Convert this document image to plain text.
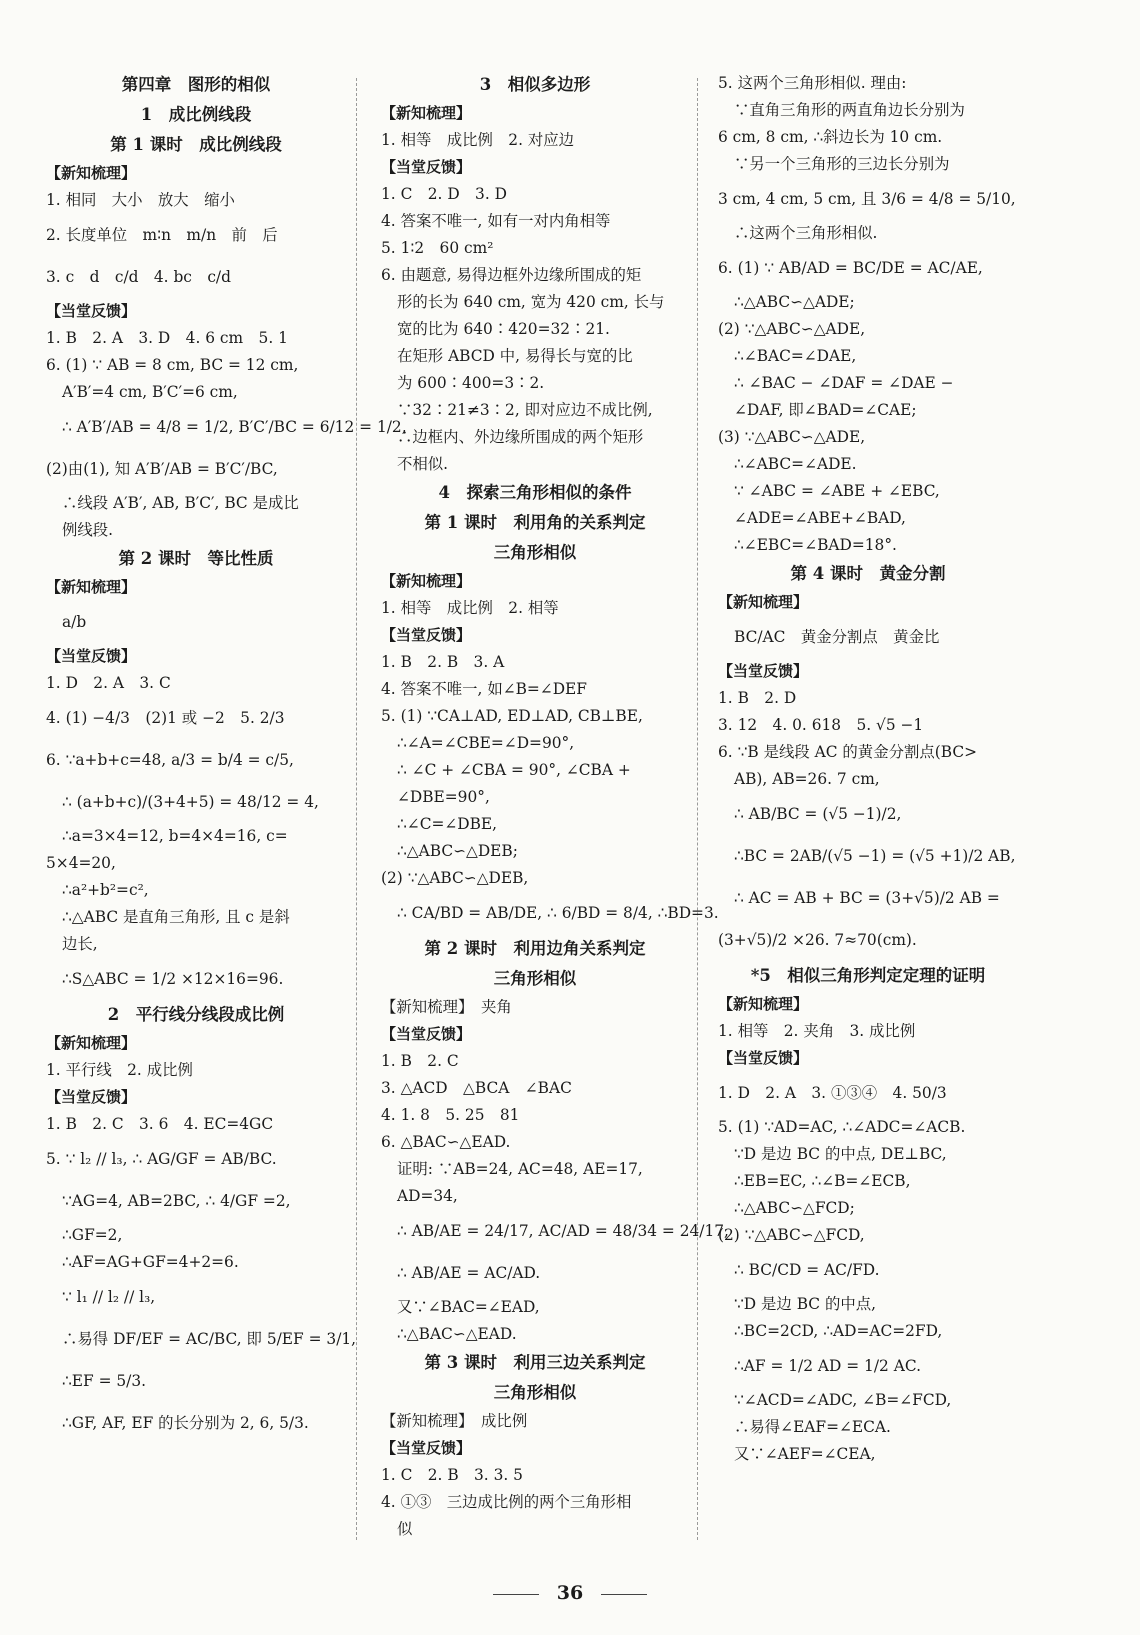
第四章　图形的相似
1　成比例线段
第 1 课时　成比例线段
【新知梳理】
1. 相同　大小　放大　缩小
2. 长度单位　m∶n　m/n　前　后
3. c　d　c/d　4. bc　c/d
【当堂反馈】
1. B　2. A　3. D　4. 6 cm　5. 1
6. (1) ∵ AB = 8 cm, BC = 12 cm,
A′B′=4 cm, B′C′=6 cm,
∴ A′B′/AB = 4/8 = 1/2, B′C′/BC = 6/12 = 1/2,
(2)由(1), 知 A′B′/AB = B′C′/BC,
∴线段 A′B′, AB, B′C′, BC 是成比
例线段.
第 2 课时　等比性质
【新知梳理】
a/b
【当堂反馈】
1. D　2. A　3. C
4. (1) −4/3　(2)1 或 −2　5. 2/3
6. ∵a+b+c=48, a/3 = b/4 = c/5,
∴ (a+b+c)/(3+4+5) = 48/12 = 4,
∴a=3×4=12, b=4×4=16, c=
5×4=20,
∴a²+b²=c²,
∴△ABC 是直角三角形, 且 c 是斜
边长,
∴S△ABC = 1/2 ×12×16=96.
2　平行线分线段成比例
【新知梳理】
1. 平行线　2. 成比例
【当堂反馈】
1. B　2. C　3. 6　4. EC=4GC
5. ∵ l₂ // l₃, ∴ AG/GF = AB/BC.
∵AG=4, AB=2BC, ∴ 4/GF =2,
∴GF=2,
∴AF=AG+GF=4+2=6.
∵ l₁ // l₂ // l₃,
∴易得 DF/EF = AC/BC, 即 5/EF = 3/1,
∴EF = 5/3.
∴GF, AF, EF 的长分别为 2, 6, 5/3.
3　相似多边形
【新知梳理】
1. 相等　成比例　2. 对应边
【当堂反馈】
1. C　2. D　3. D
4. 答案不唯一, 如有一对内角相等
5. 1∶2　60 cm²
6. 由题意, 易得边框外边缘所围成的矩
形的长为 640 cm, 宽为 420 cm, 长与
宽的比为 640∶420=32∶21.
在矩形 ABCD 中, 易得长与宽的比
为 600∶400=3∶2.
∵32∶21≠3∶2, 即对应边不成比例,
∴边框内、外边缘所围成的两个矩形
不相似.
4　探索三角形相似的条件
第 1 课时　利用角的关系判定
三角形相似
【新知梳理】
1. 相等　成比例　2. 相等
【当堂反馈】
1. B　2. B　3. A
4. 答案不唯一, 如∠B=∠DEF
5. (1) ∵CA⊥AD, ED⊥AD, CB⊥BE,
∴∠A=∠CBE=∠D=90°,
∴ ∠C + ∠CBA = 90°, ∠CBA +
∠DBE=90°,
∴∠C=∠DBE,
∴△ABC∽△DEB;
(2) ∵△ABC∽△DEB,
∴ CA/BD = AB/DE, ∴ 6/BD = 8/4, ∴BD=3.
第 2 课时　利用边角关系判定
三角形相似
【新知梳理】　夹角
【当堂反馈】
1. B　2. C
3. △ACD　△BCA　∠BAC
4. 1. 8　5. 25　81
6. △BAC∽△EAD.
证明: ∵AB=24, AC=48, AE=17,
AD=34,
∴ AB/AE = 24/17, AC/AD = 48/34 = 24/17,
∴ AB/AE = AC/AD.
又∵∠BAC=∠EAD,
∴△BAC∽△EAD.
第 3 课时　利用三边关系判定
三角形相似
【新知梳理】　成比例
【当堂反馈】
1. C　2. B　3. 3. 5
4. ①③　三边成比例的两个三角形相
似
5. 这两个三角形相似. 理由:
∵直角三角形的两直角边长分别为
6 cm, 8 cm, ∴斜边长为 10 cm.
∵另一个三角形的三边长分别为
3 cm, 4 cm, 5 cm, 且 3/6 = 4/8 = 5/10,
∴这两个三角形相似.
6. (1) ∵ AB/AD = BC/DE = AC/AE,
∴△ABC∽△ADE;
(2) ∵△ABC∽△ADE,
∴∠BAC=∠DAE,
∴ ∠BAC − ∠DAF = ∠DAE −
∠DAF, 即∠BAD=∠CAE;
(3) ∵△ABC∽△ADE,
∴∠ABC=∠ADE.
∵ ∠ABC = ∠ABE + ∠EBC,
∠ADE=∠ABE+∠BAD,
∴∠EBC=∠BAD=18°.
第 4 课时　黄金分割
【新知梳理】
BC/AC　黄金分割点　黄金比
【当堂反馈】
1. B　2. D
3. 12　4. 0. 618　5. √5 −1
6. ∵B 是线段 AC 的黄金分割点(BC>
AB), AB=26. 7 cm,
∴ AB/BC = (√5 −1)/2,
∴BC = 2AB/(√5 −1) = (√5 +1)/2 AB,
∴ AC = AB + BC = (3+√5)/2 AB =
(3+√5)/2 ×26. 7≈70(cm).
*5　相似三角形判定定理的证明
【新知梳理】
1. 相等　2. 夹角　3. 成比例
【当堂反馈】
1. D　2. A　3. ①③④　4. 50/3
5. (1) ∵AD=AC, ∴∠ADC=∠ACB.
∵D 是边 BC 的中点, DE⊥BC,
∴EB=EC, ∴∠B=∠ECB,
∴△ABC∽△FCD;
(2) ∵△ABC∽△FCD,
∴ BC/CD = AC/FD.
∵D 是边 BC 的中点,
∴BC=2CD, ∴AD=AC=2FD,
∴AF = 1/2 AD = 1/2 AC.
∵∠ACD=∠ADC, ∠B=∠FCD,
∴易得∠EAF=∠ECA.
又∵∠AEF=∠CEA,
36
